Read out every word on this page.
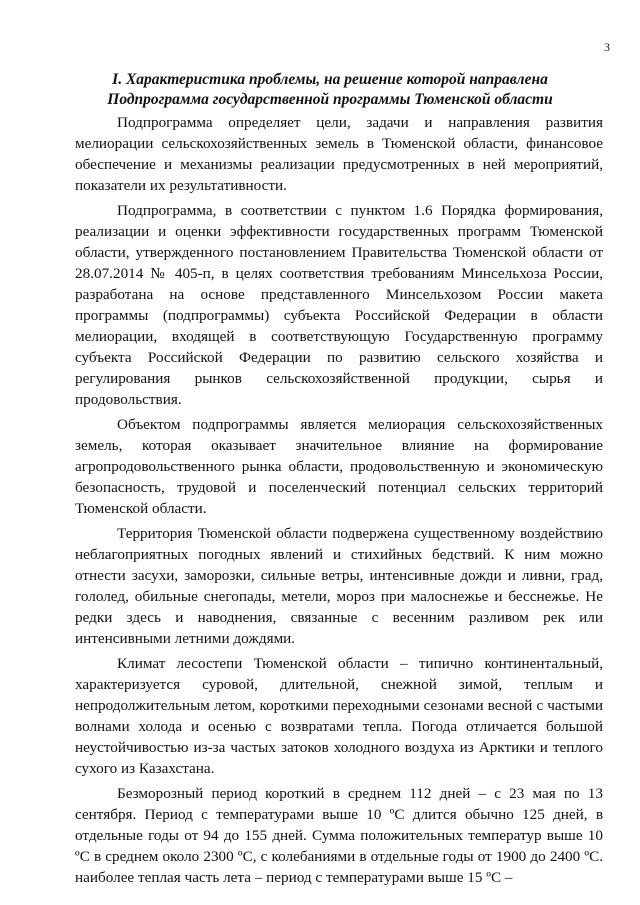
3
I. Характеристика проблемы, на решение которой направлена
Подпрограмма государственной программы Тюменской области

Подпрограмма определяет цели, задачи и направления развития мелиорации сельскохозяйственных земель в Тюменской области, финансовое обеспечение и механизмы реализации предусмотренных в ней мероприятий, показатели их результативности.

Подпрограмма, в соответствии с пунктом 1.6 Порядка формирования, реализации и оценки эффективности государственных программ Тюменской области, утвержденного постановлением Правительства Тюменской области от 28.07.2014 № 405-п, в целях соответствия требованиям Минсельхоза России, разработана на основе представленного Минсельхозом России макета программы (подпрограммы) субъекта Российской Федерации в области мелиорации, входящей в соответствующую Государственную программу субъекта Российской Федерации по развитию сельского хозяйства и регулирования рынков сельскохозяйственной продукции, сырья и продовольствия.

Объектом подпрограммы является мелиорация сельскохозяйственных земель, которая оказывает значительное влияние на формирование агропродовольственного рынка области, продовольственную и экономическую безопасность, трудовой и поселенческий потенциал сельских территорий Тюменской области.

Территория Тюменской области подвержена существенному воздействию неблагоприятных погодных явлений и стихийных бедствий. К ним можно отнести засухи, заморозки, сильные ветры, интенсивные дожди и ливни, град, гололед, обильные снегопады, метели, мороз при малоснежье и бесснежье. Не редки здесь и наводнения, связанные с весенним разливом рек или интенсивными летними дождями.

Климат лесостепи Тюменской области – типично континентальный, характеризуется суровой, длительной, снежной зимой, теплым и непродолжительным летом, короткими переходными сезонами весной с частыми волнами холода и осенью с возвратами тепла. Погода отличается большой неустойчивостью из-за частых затоков холодного воздуха из Арктики и теплого сухого из Казахстана.

Безморозный период короткий в среднем 112 дней – с 23 мая по 13 сентября. Период с температурами выше 10 ºС длится обычно 125 дней, в отдельные годы от 94 до 155 дней. Сумма положительных температур выше 10 ºС в среднем около 2300 ºС, с колебаниями в отдельные годы от 1900 до 2400 ºС. наиболее теплая часть лета – период с температурами выше 15 ºС –
